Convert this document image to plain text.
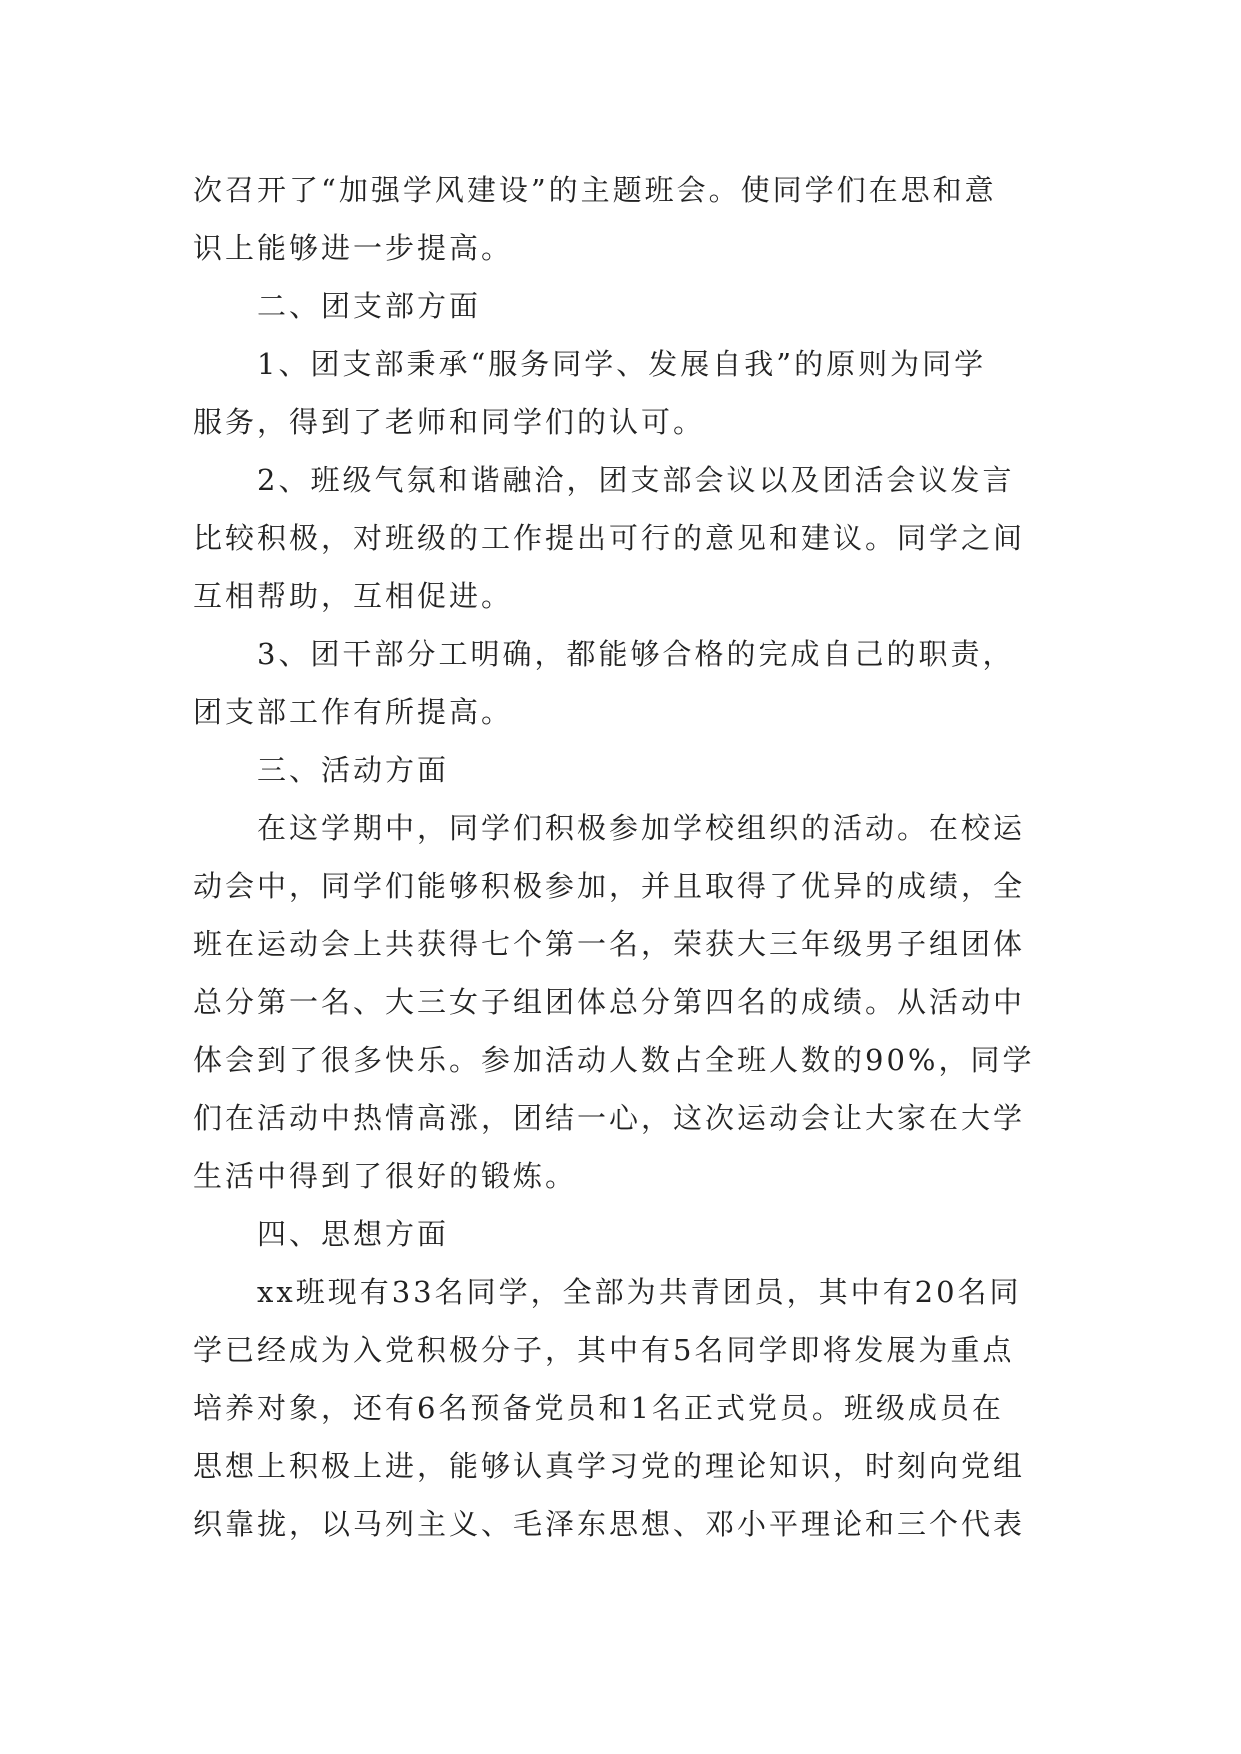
次召开了“加强学风建设”的主题班会。使同学们在思和意
识上能够进一步提高。
二、团支部方面
1、团支部秉承“服务同学、发展自我”的原则为同学
服务，得到了老师和同学们的认可。
2、班级气氛和谐融洽，团支部会议以及团活会议发言
比较积极，对班级的工作提出可行的意见和建议。同学之间
互相帮助，互相促进。
3、团干部分工明确，都能够合格的完成自己的职责，
团支部工作有所提高。
三、活动方面
在这学期中，同学们积极参加学校组织的活动。在校运
动会中，同学们能够积极参加，并且取得了优异的成绩，全
班在运动会上共获得七个第一名，荣获大三年级男子组团体
总分第一名、大三女子组团体总分第四名的成绩。从活动中
体会到了很多快乐。参加活动人数占全班人数的90%，同学
们在活动中热情高涨，团结一心，这次运动会让大家在大学
生活中得到了很好的锻炼。
四、思想方面
xx班现有33名同学，全部为共青团员，其中有20名同
学已经成为入党积极分子，其中有5名同学即将发展为重点
培养对象，还有6名预备党员和1名正式党员。班级成员在
思想上积极上进，能够认真学习党的理论知识，时刻向党组
织靠拢，以马列主义、毛泽东思想、邓小平理论和三个代表
